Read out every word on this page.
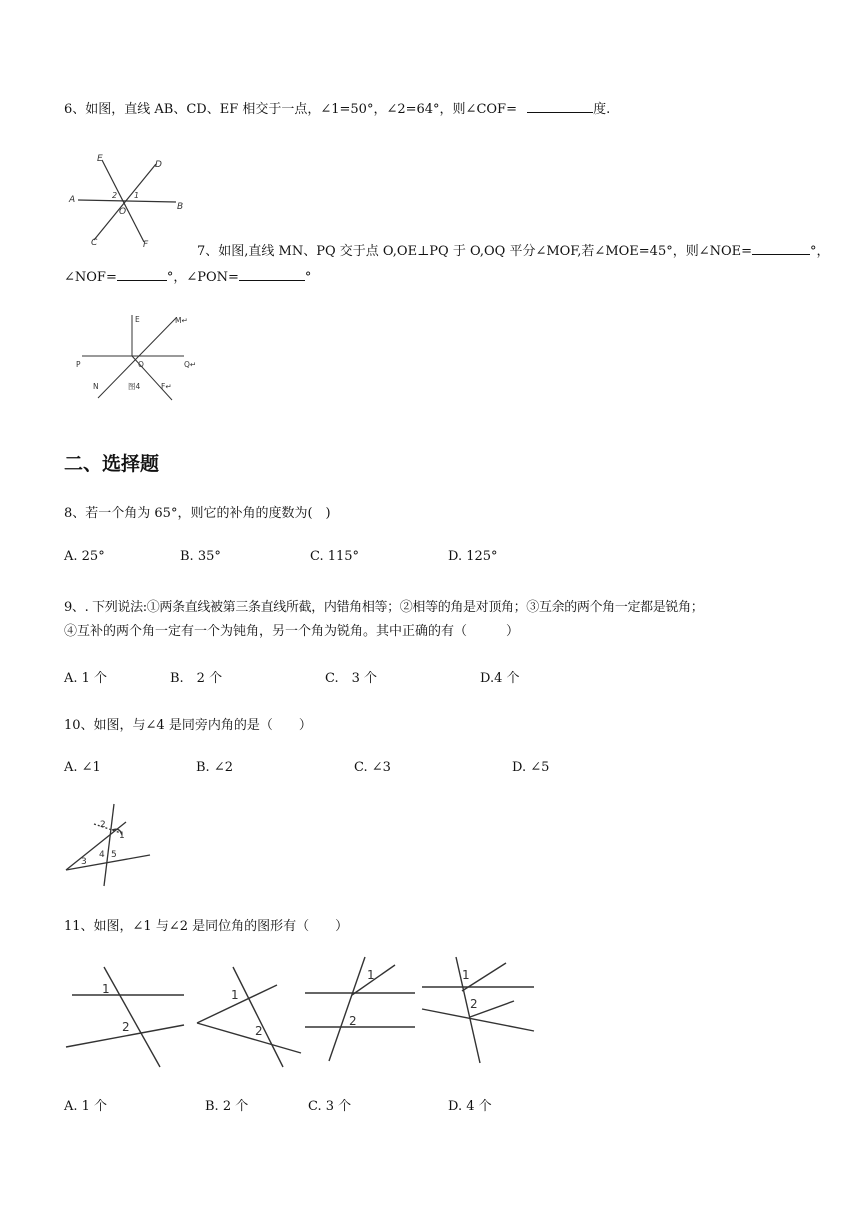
6、如图，直线 AB、CD、EF 相交于一点，∠1=50°，∠2=64°，则∠COF=	度.
A
B
C
D
E
F
O
1
2
7、如图,直线 MN、PQ 交于点 O,OE⊥PQ 于 O,OQ 平分∠MOF,若∠MOE=45°，则∠NOE=	°，
∠NOF=	°，∠PON=	°
E	M↵
P	O	Q↵
N	图4	F↵
二、选择题
8、若一个角为 65°，则它的补角的度数为(　)
A. 25°	B. 35°	C. 115°	D. 125°
9、. 下列说法:①两条直线被第三条直线所截，内错角相等；②相等的角是对顶角；③互余的两个角一定都是锐角；
④互补的两个角一定有一个为钝角，另一个角为锐角。其中正确的有（　　　）
A. 1 个	B.　2 个	C.　3 个	D.4 个
10、如图，与∠4 是同旁内角的是（　　）
A. ∠1	B. ∠2	C. ∠3	D. ∠5
1
2
3
4 5
11、如图，∠1 与∠2 是同位角的图形有（　　）
1
2
1
2
1
2
1
2
A. 1 个	B. 2 个	C. 3 个	D. 4 个
